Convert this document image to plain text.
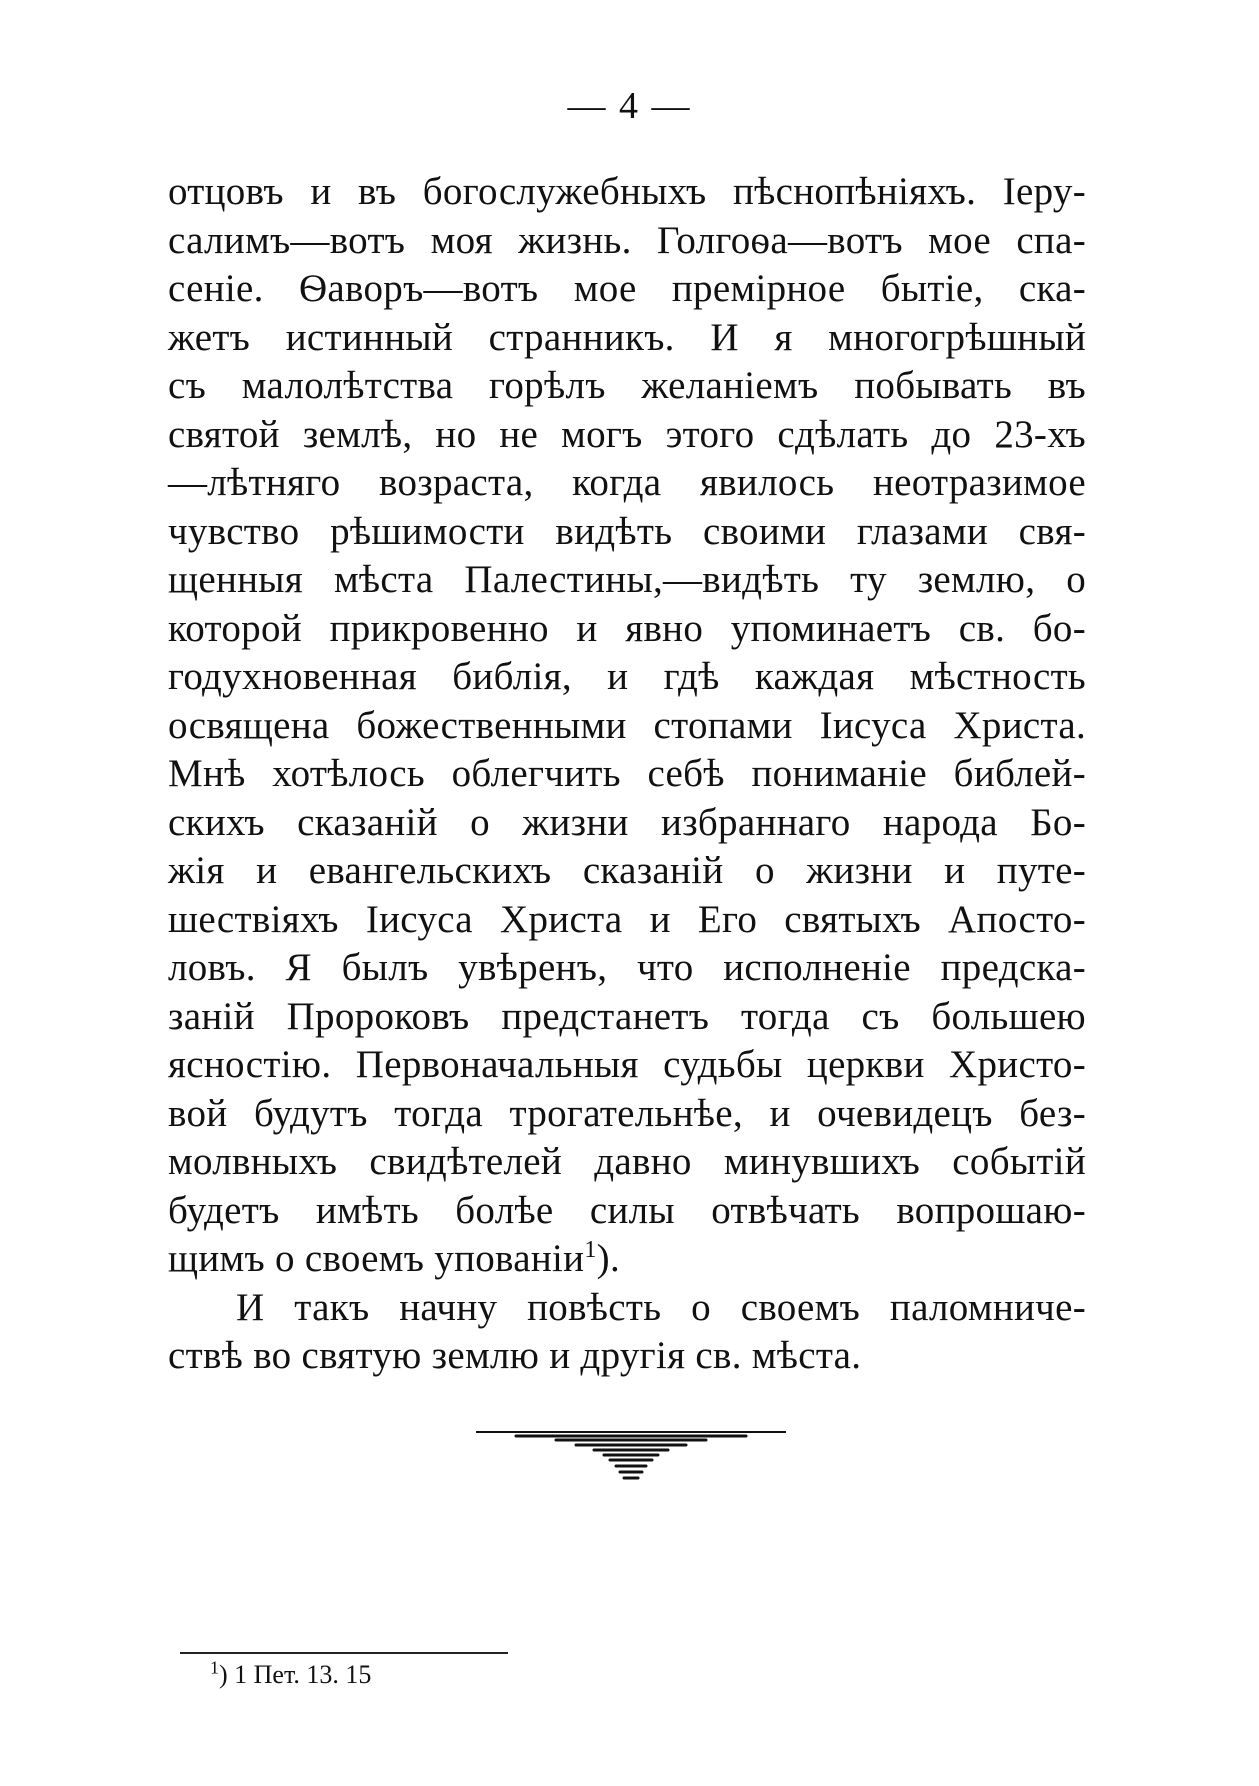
— 4 —
отцовъ и въ богослужебныхъ пѣснопѣніяхъ. Іеру-
салимъ—вотъ моя жизнь. Голгоѳа—вотъ мое спа-
сеніе. Ѳаворъ—вотъ мое премірное бытіе, ска-
жетъ истинный странникъ. И я многогрѣшный
съ малолѣтства горѣлъ желаніемъ побывать въ
святой землѣ, но не могъ этого сдѣлать до 23-хъ
—лѣтняго возраста, когда явилось неотразимое
чувство рѣшимости видѣть своими глазами свя-
щенныя мѣста Палестины,—видѣть ту землю, о
которой прикровенно и явно упоминаетъ св. бо-
годухновенная библія, и гдѣ каждая мѣстность
освящена божественными стопами Іисуса Христа.
Мнѣ хотѣлось облегчить себѣ пониманіе библей-
скихъ сказаній о жизни избраннаго народа Бо-
жія и евангельскихъ сказаній о жизни и путе-
шествіяхъ Іисуса Христа и Его святыхъ Апосто-
ловъ. Я былъ увѣренъ, что исполненіе предска-
заній Пророковъ предстанетъ тогда съ большею
ясностію. Первоначальныя судьбы церкви Христо-
вой будутъ тогда трогательнѣе, и очевидецъ без-
молвныхъ свидѣтелей давно минувшихъ событій
будетъ имѣть болѣе силы отвѣчать вопрошаю-
щимъ о своемъ упованіи$^1$).
И такъ начну повѣсть о своемъ паломниче-
ствѣ во святую землю и другія св. мѣста.
$^1$) 1 Пет. 13. 15
